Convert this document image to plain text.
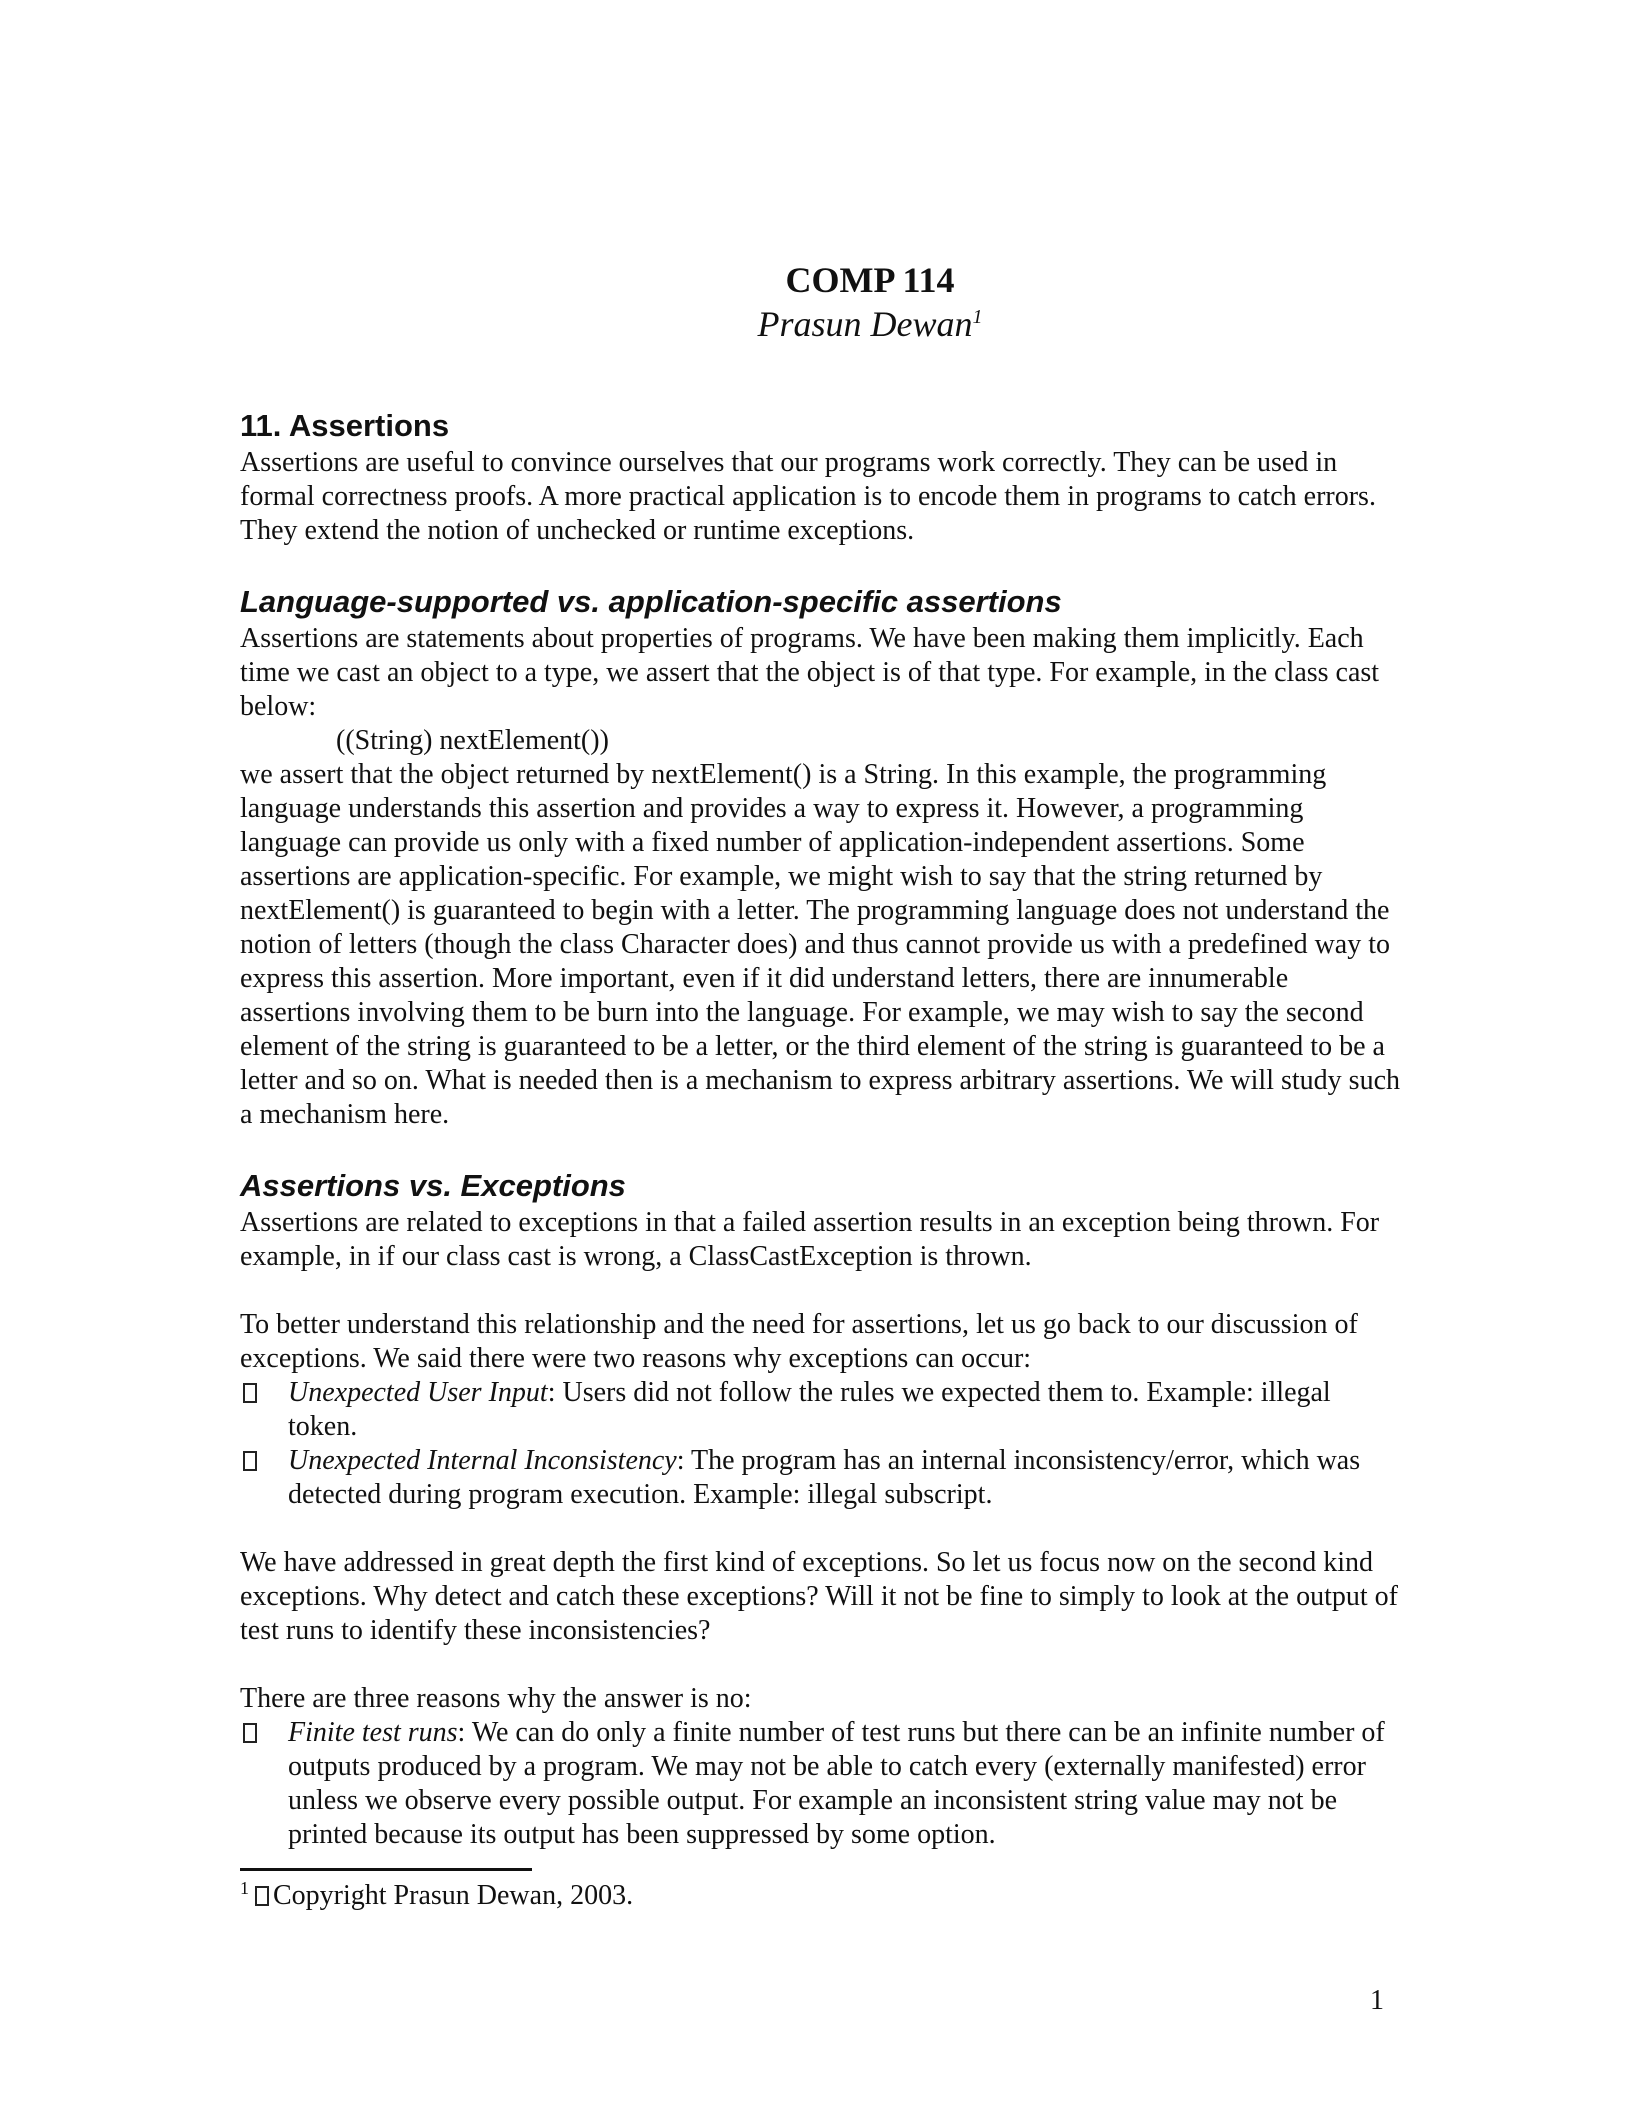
COMP 114

Prasun Dewan$^1$

11. Assertions

Assertions are useful to convince ourselves that our programs work correctly. They can be used in formal correctness proofs. A more practical application is to encode them in programs to catch errors. They extend the notion of unchecked or runtime exceptions.

Language-supported vs. application-specific assertions

Assertions are statements about properties of programs. We have been making them implicitly. Each time we cast an object to a type, we assert that the object is of that type. For example, in the class cast below:

((String) nextElement())

we assert that the object returned by nextElement() is a String. In this example, the programming language understands this assertion and provides a way to express it. However, a programming language can provide us only with a fixed number of application-independent assertions. Some assertions are application-specific. For example, we might wish to say that the string returned by nextElement() is guaranteed to begin with a letter. The programming language does not understand the notion of letters (though the class Character does) and thus cannot provide us with a predefined way to express this assertion. More important, even if it did understand letters, there are innumerable assertions involving them to be burn into the language. For example, we may wish to say the second element of the string is guaranteed to be a letter, or the third element of the string is guaranteed to be a letter and so on. What is needed then is a mechanism to express arbitrary assertions. We will study such a mechanism here.

Assertions vs. Exceptions

Assertions are related to exceptions in that a failed assertion results in an exception being thrown. For example, in if our class cast is wrong, a ClassCastException is thrown.

To better understand this relationship and the need for assertions, let us go back to our discussion of exceptions. We said there were two reasons why exceptions can occur:

Unexpected User Input: Users did not follow the rules we expected them to. Example: illegal token.
Unexpected Internal Inconsistency: The program has an internal inconsistency/error, which was detected during program execution. Example: illegal subscript.

We have addressed in great depth the first kind of exceptions. So let us focus now on the second kind exceptions. Why detect and catch these exceptions? Will it not be fine to simply to look at the output of test runs to identify these inconsistencies?

There are three reasons why the answer is no:

Finite test runs: We can do only a finite number of test runs but there can be an infinite number of outputs produced by a program. We may not be able to catch every (externally manifested) error unless we observe every possible output. For example an inconsistent string value may not be printed because its output has been suppressed by some option.

$^1$ Copyright Prasun Dewan, 2003.

1
